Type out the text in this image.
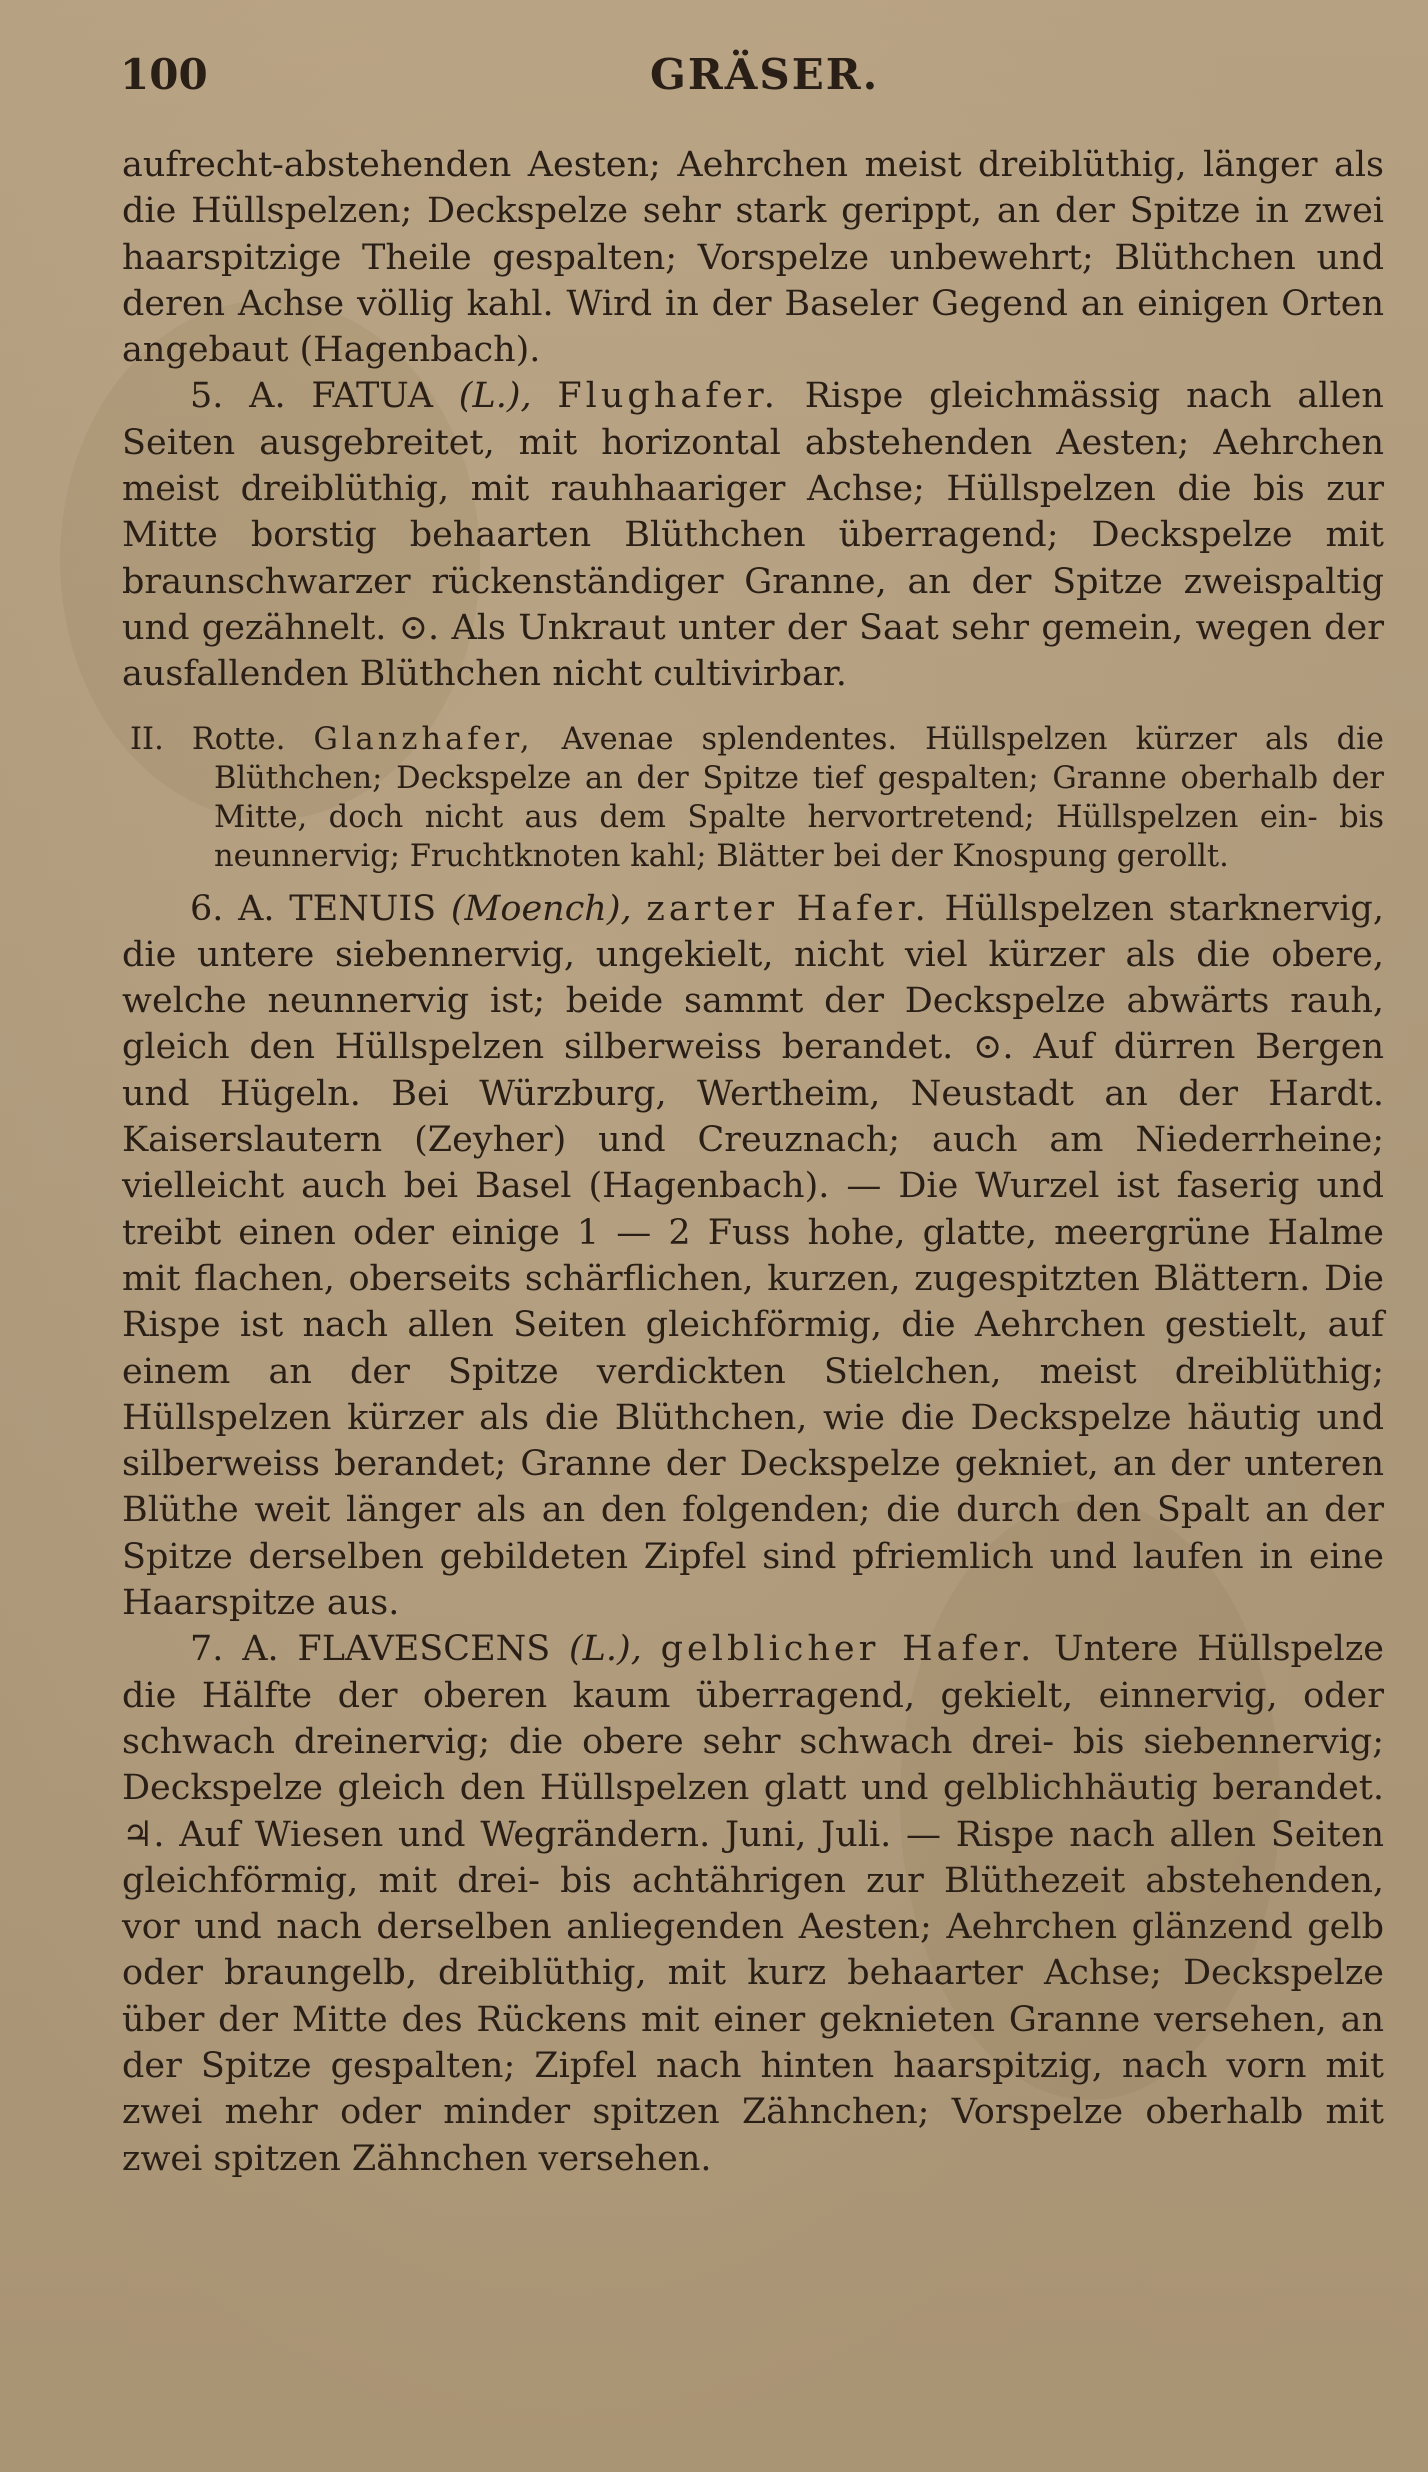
100	GRÄSER.

aufrecht-abstehenden Aesten; Aehrchen meist dreiblüthig, länger als die Hüllspelzen; Deckspelze sehr stark gerippt, an der Spitze in zwei haarspitzige Theile gespalten; Vorspelze unbewehrt; Blüthchen und deren Achse völlig kahl. Wird in der Baseler Gegend an einigen Orten angebaut (Hagenbach).

5. A. FATUA (L.), Flughafer. Rispe gleichmässig nach allen Seiten ausgebreitet, mit horizontal abstehenden Aesten; Aehrchen meist dreiblüthig, mit rauhhaariger Achse; Hüllspelzen die bis zur Mitte borstig behaarten Blüthchen überragend; Deckspelze mit braunschwarzer rückenständiger Granne, an der Spitze zweispaltig und gezähnelt. ⊙. Als Unkraut unter der Saat sehr gemein, wegen der ausfallenden Blüthchen nicht cultivirbar.

II. Rotte. Glanzhafer, Avenae splendentes. Hüllspelzen kürzer als die Blüthchen; Deckspelze an der Spitze tief gespalten; Granne oberhalb der Mitte, doch nicht aus dem Spalte hervortretend; Hüllspelzen ein- bis neunnervig; Fruchtknoten kahl; Blätter bei der Knospung gerollt.

6. A. TENUIS (Moench), zarter Hafer. Hüllspelzen starknervig, die untere siebennervig, ungekielt, nicht viel kürzer als die obere, welche neunnervig ist; beide sammt der Deckspelze abwärts rauh, gleich den Hüllspelzen silberweiss berandet. ⊙. Auf dürren Bergen und Hügeln. Bei Würzburg, Wertheim, Neustadt an der Hardt. Kaiserslautern (Zeyher) und Creuznach; auch am Niederrheine; vielleicht auch bei Basel (Hagenbach). — Die Wurzel ist faserig und treibt einen oder einige 1 — 2 Fuss hohe, glatte, meergrüne Halme mit flachen, oberseits schärflichen, kurzen, zugespitzten Blättern. Die Rispe ist nach allen Seiten gleichförmig, die Aehrchen gestielt, auf einem an der Spitze verdickten Stielchen, meist dreiblüthig; Hüllspelzen kürzer als die Blüthchen, wie die Deckspelze häutig und silberweiss berandet; Granne der Deckspelze gekniet, an der unteren Blüthe weit länger als an den folgenden; die durch den Spalt an der Spitze derselben gebildeten Zipfel sind pfriemlich und laufen in eine Haarspitze aus.

7. A. FLAVESCENS (L.), gelblicher Hafer. Untere Hüllspelze die Hälfte der oberen kaum überragend, gekielt, einnervig, oder schwach dreinervig; die obere sehr schwach drei- bis siebennervig; Deckspelze gleich den Hüllspelzen glatt und gelblichhäutig berandet. ♃. Auf Wiesen und Wegrändern. Juni, Juli. — Rispe nach allen Seiten gleichförmig, mit drei- bis achtährigen zur Blüthezeit abstehenden, vor und nach derselben anliegenden Aesten; Aehrchen glänzend gelb oder braungelb, dreiblüthig, mit kurz behaarter Achse; Deckspelze über der Mitte des Rückens mit einer geknieten Granne versehen, an der Spitze gespalten; Zipfel nach hinten haarspitzig, nach vorn mit zwei mehr oder minder spitzen Zähnchen; Vorspelze oberhalb mit zwei spitzen Zähnchen versehen.
